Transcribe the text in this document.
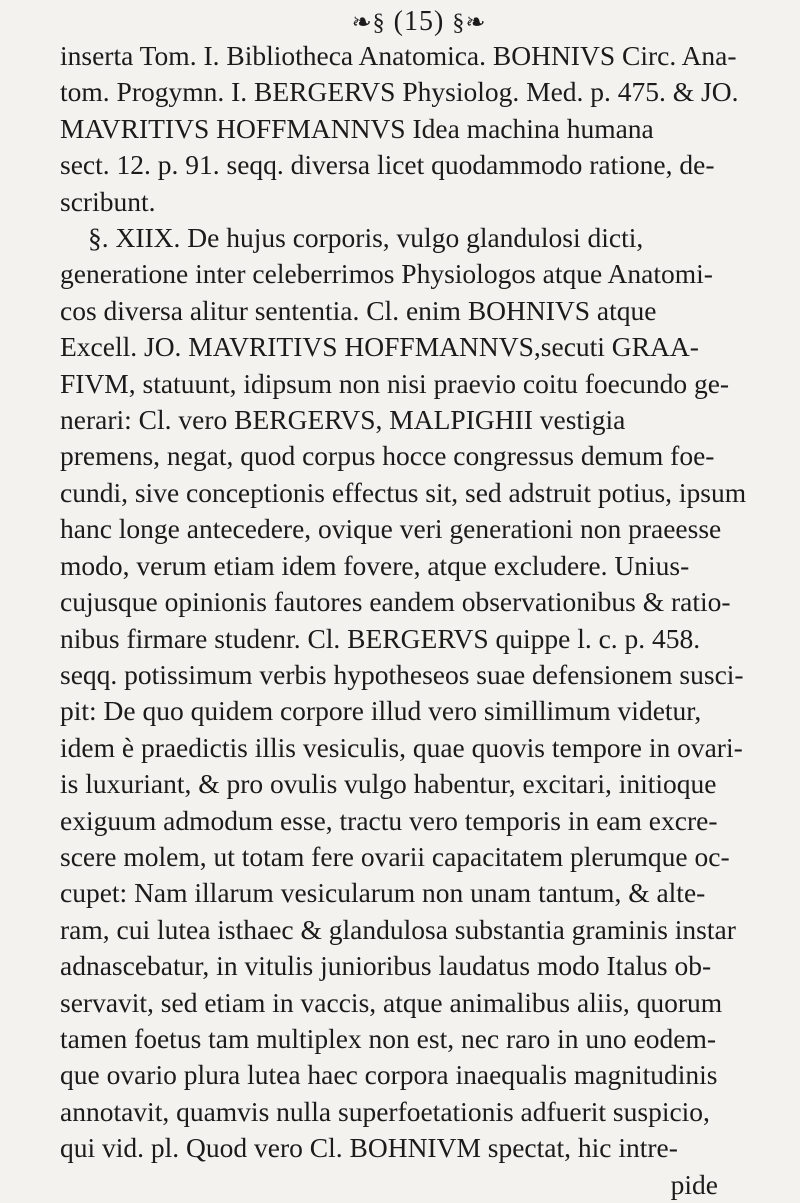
❧§ (15) §❧
inserta Tom. I. Bibliotheca Anatomica. BOHNIVS Circ. Ana-
tom. Progymn. I. BERGERVS Physiolog. Med. p. 475. & JO.
MAVRITIVS HOFFMANNVS Idea machina humana
sect. 12. p. 91. seqq. diversa licet quodammodo ratione, de-
scribunt.
§. XIIX. De hujus corporis, vulgo glandulosi dicti,
generatione inter celeberrimos Physiologos atque Anatomi-
cos diversa alitur sententia. Cl. enim BOHNIVS atque
Excell. JO. MAVRITIVS HOFFMANNVS,secuti GRAA-
FIVM, statuunt, idipsum non nisi praevio coitu foecundo ge-
nerari: Cl. vero BERGERVS, MALPIGHII vestigia
premens, negat, quod corpus hocce congressus demum foe-
cundi, sive conceptionis effectus sit, sed adstruit potius, ipsum
hanc longe antecedere, ovique veri generationi non praeesse
modo, verum etiam idem fovere, atque excludere. Unius-
cujusque opinionis fautores eandem observationibus & ratio-
nibus firmare studenr. Cl. BERGERVS quippe l. c. p. 458.
seqq. potissimum verbis hypotheseos suae defensionem susci-
pit: De quo quidem corpore illud vero simillimum videtur,
idem è praedictis illis vesiculis, quae quovis tempore in ovari-
is luxuriant, & pro ovulis vulgo habentur, excitari, initioque
exiguum admodum esse, tractu vero temporis in eam excre-
scere molem, ut totam fere ovarii capacitatem plerumque oc-
cupet: Nam illarum vesicularum non unam tantum, & alte-
ram, cui lutea isthaec & glandulosa substantia graminis instar
adnascebatur, in vitulis junioribus laudatus modo Italus ob-
servavit, sed etiam in vaccis, atque animalibus aliis, quorum
tamen foetus tam multiplex non est, nec raro in uno eodem-
que ovario plura lutea haec corpora inaequalis magnitudinis
annotavit, quamvis nulla superfoetationis adfuerit suspicio,
qui vid. pl. Quod vero Cl. BOHNIVM spectat, hic intre-
pide
